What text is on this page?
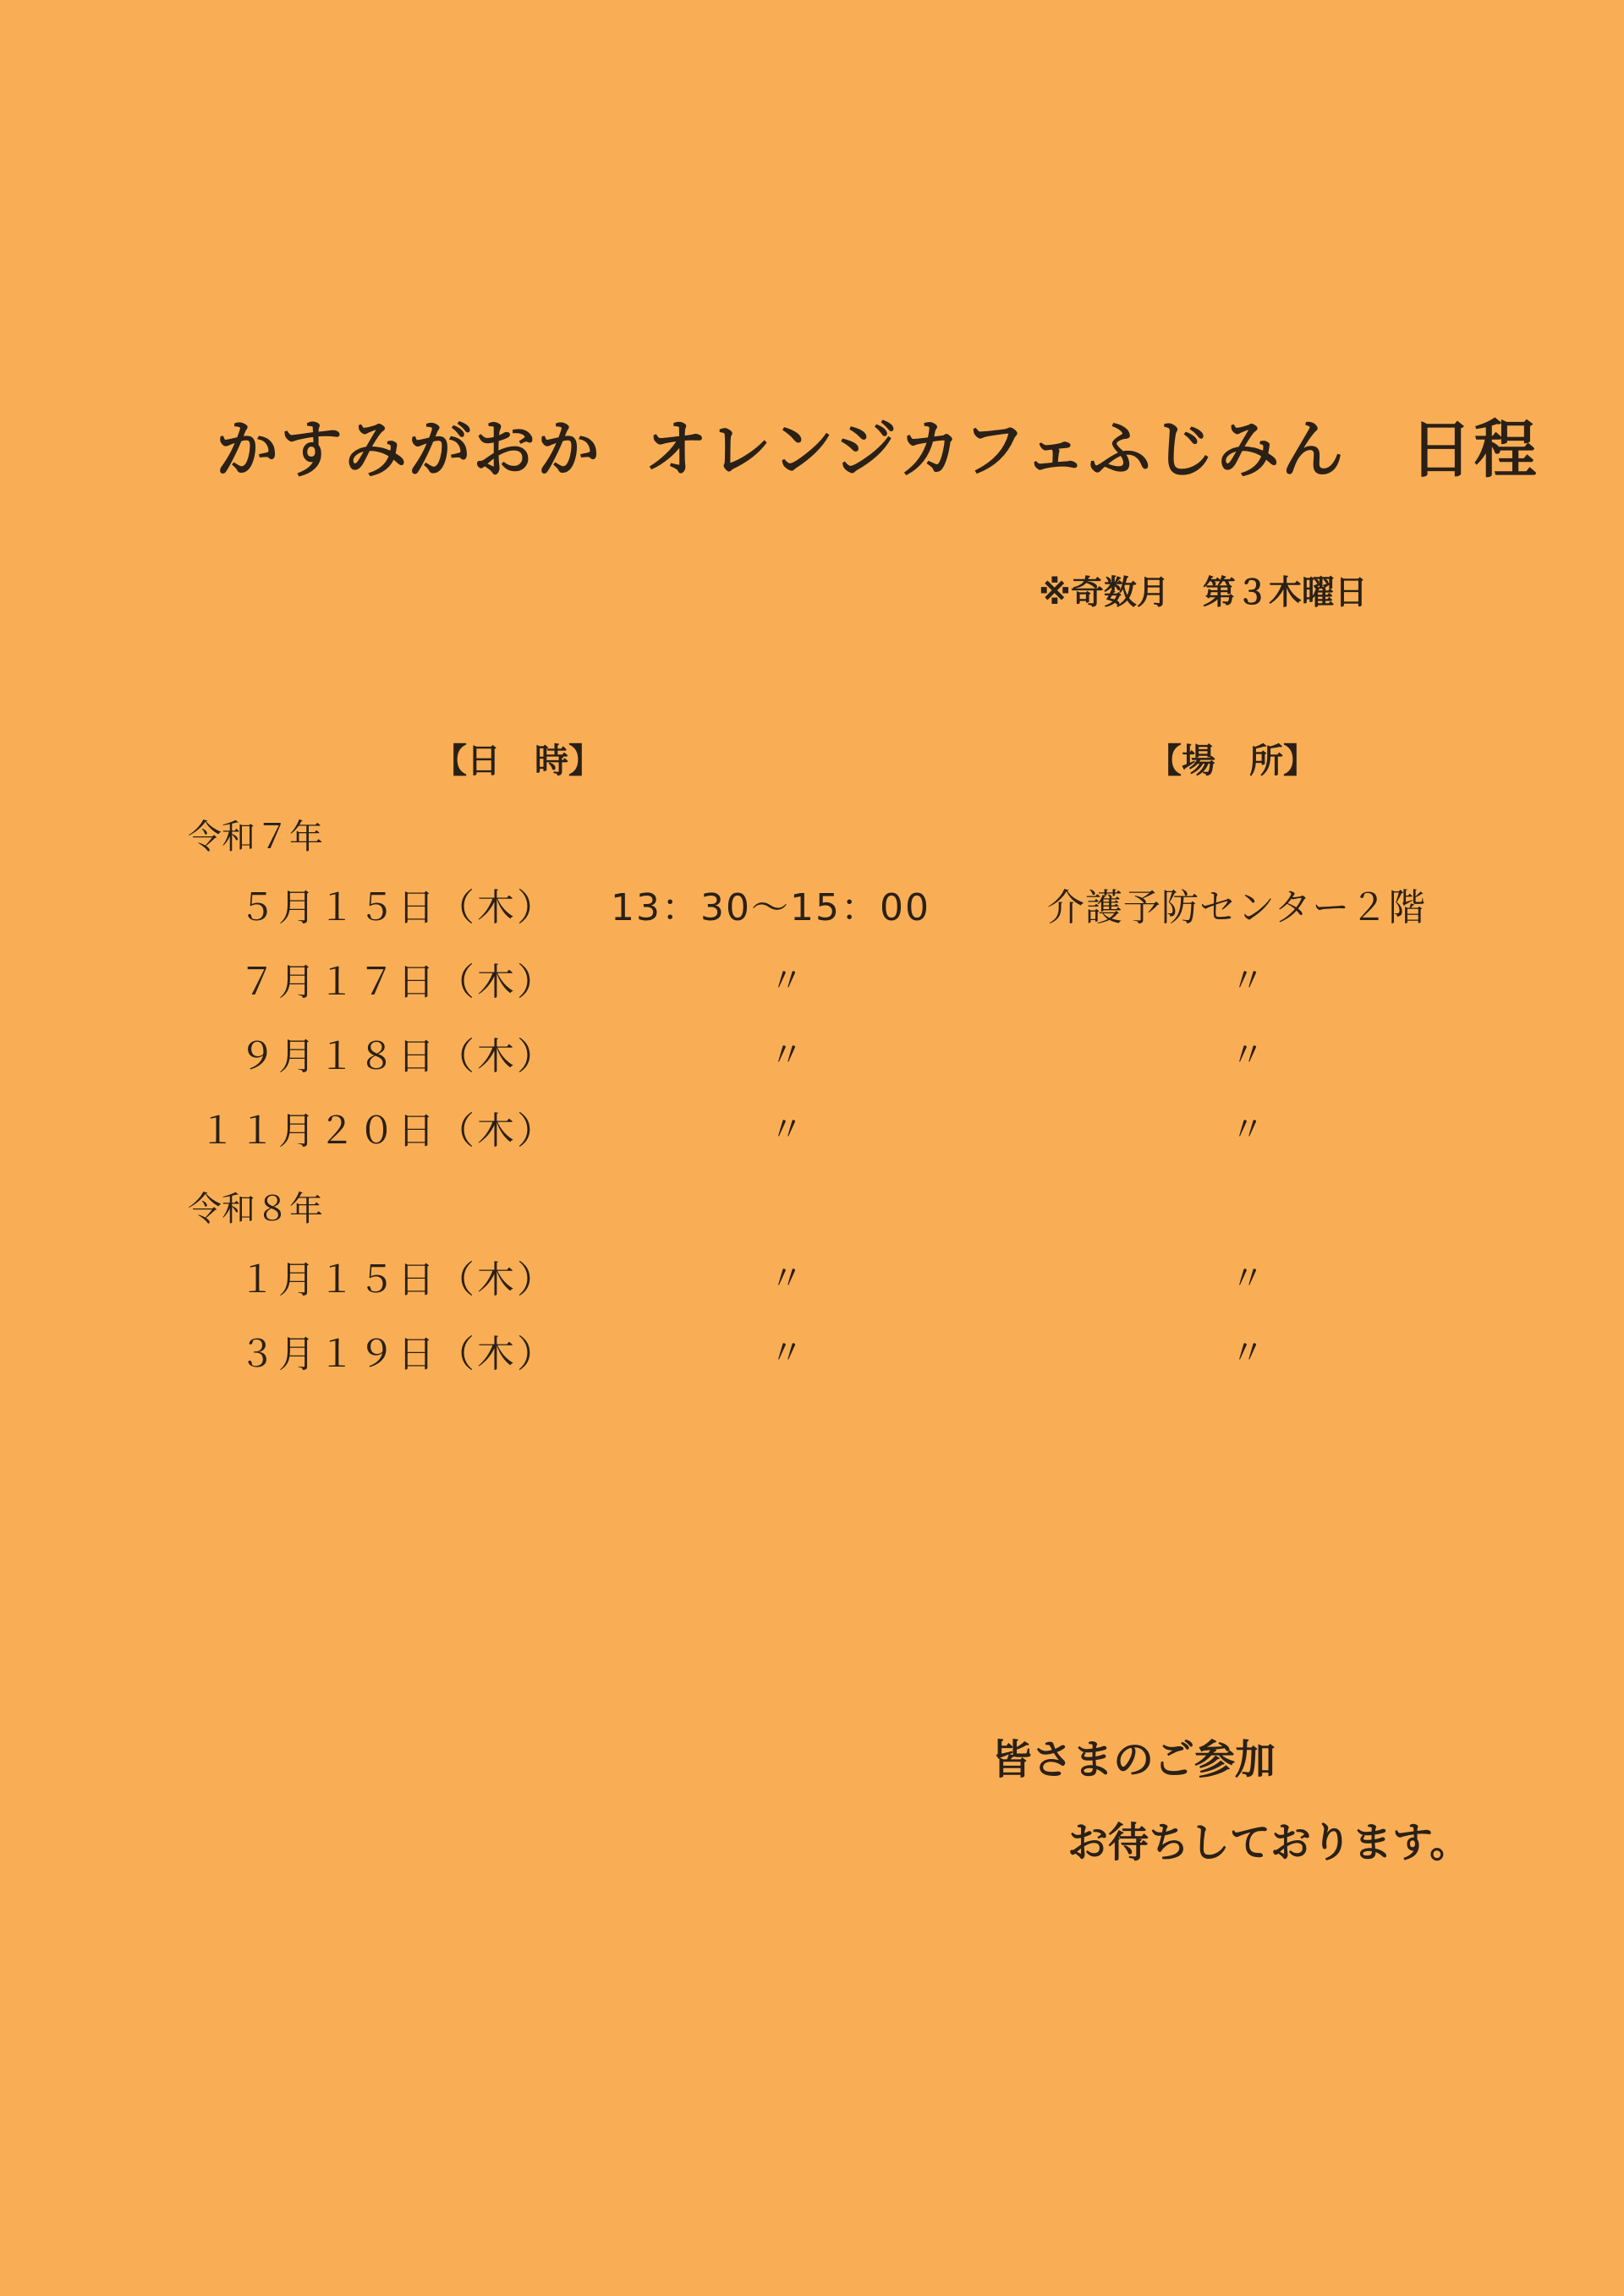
かすみがおか オレンジカフェふじみん　日程
※奇数月　第３木曜日
【日　時】	【場　所】
令和７年
５月１５日（木） 13：30～15：00	介護予防センター２階
７月１７日（木）	〃	〃
９月１８日（木）	〃	〃
１１月２０日（木）	〃	〃
令和８年
１月１５日（木）	〃	〃
３月１９日（木）	〃	〃
皆さまのご参加
お待ちしております。
